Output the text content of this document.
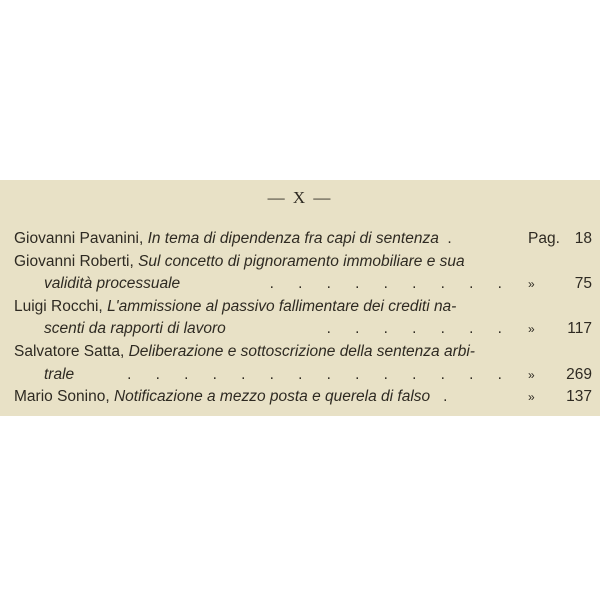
— X —
Giovanni Pavanini, In tema di dipendenza fra capi di sentenza  .	Pag. 18
Giovanni Roberti, Sul concetto di pignoramento immobiliare e sua
validità processuale	. . . . . . . . .	»	75
Luigi Rocchi, L'ammissione al passivo fallimentare dei crediti na-
scenti da rapporti di lavoro	. . . . . . .	» 117
Salvatore Satta, Deliberazione e sottoscrizione della sentenza arbi-
trale	. . . . . . . . . . . . . .	» 269
Mario Sonino, Notificazione a mezzo posta e querela di falso   .	» 137
